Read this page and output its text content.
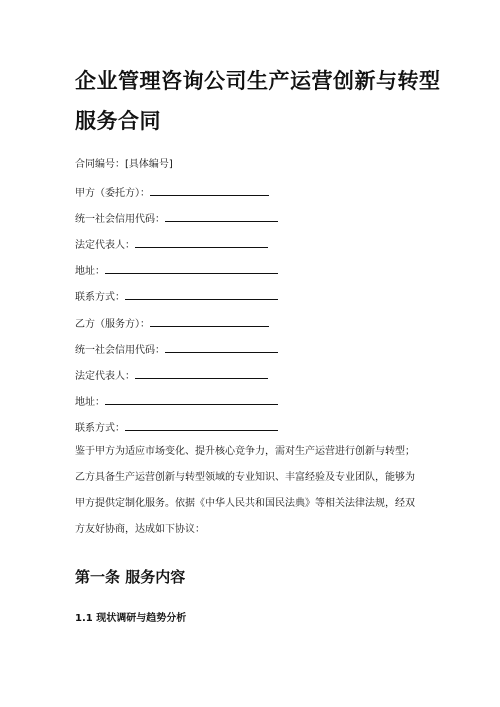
企业管理咨询公司生产运营创新与转型
服务合同
合同编号：[具体编号]
甲方（委托方）：
统一社会信用代码：
法定代表人：
地址：
联系方式：
乙方（服务方）：
统一社会信用代码：
法定代表人：
地址：
联系方式：
鉴于甲方为适应市场变化、提升核心竞争力，需对生产运营进行创新与转型；
乙方具备生产运营创新与转型领域的专业知识、丰富经验及专业团队，能够为
甲方提供定制化服务。依据《中华人民共和国民法典》等相关法律法规，经双
方友好协商，达成如下协议：
第一条 服务内容
1.1 现状调研与趋势分析
